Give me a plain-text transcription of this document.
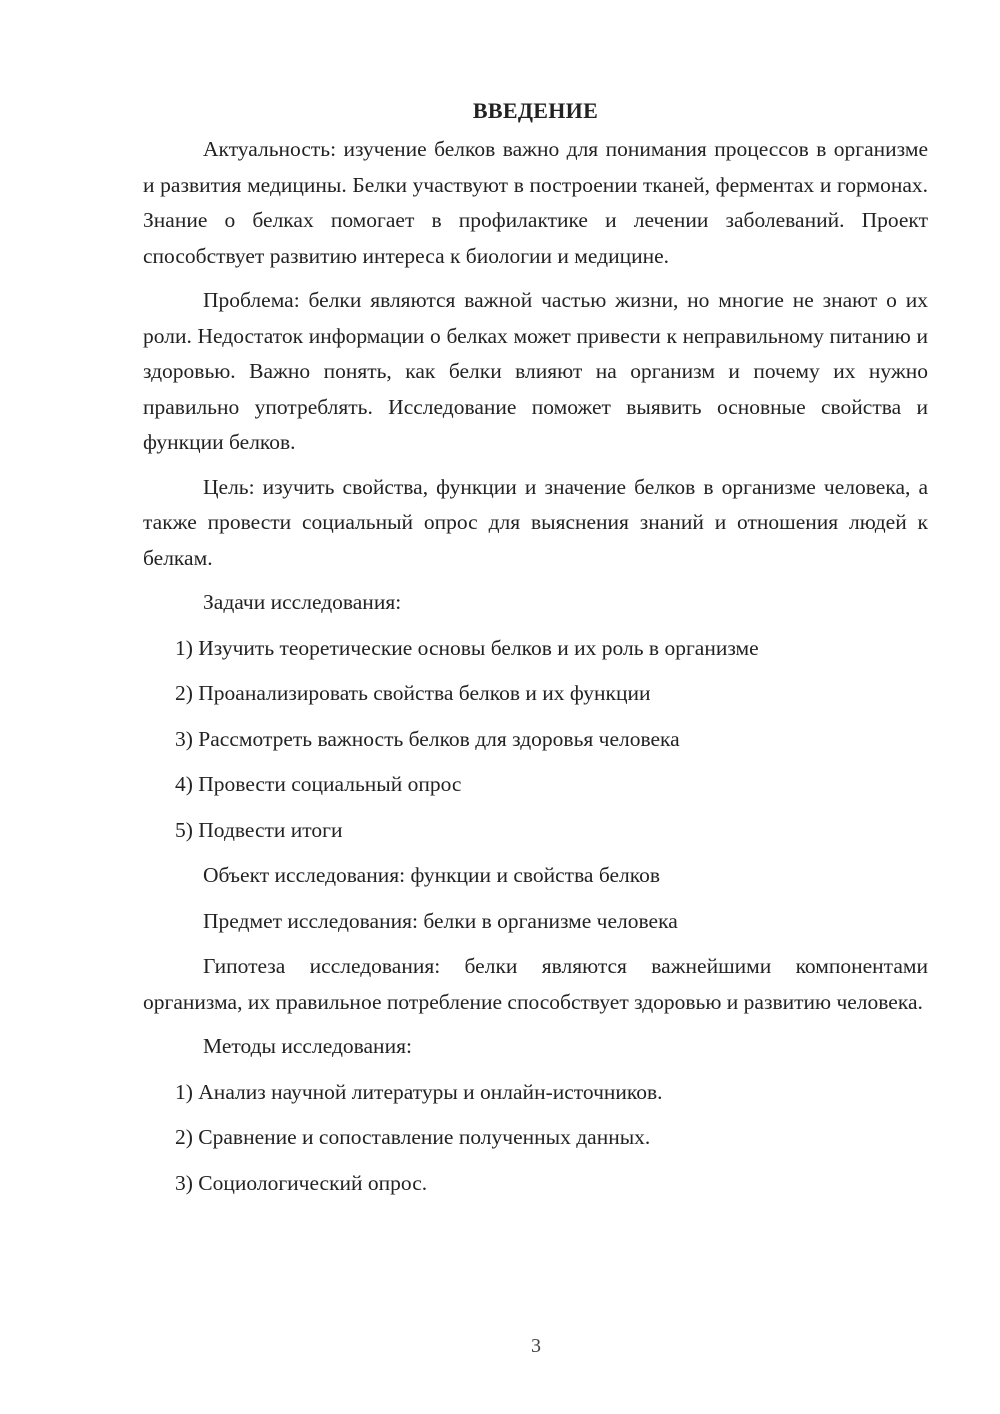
ВВЕДЕНИЕ

Актуальность: изучение белков важно для понимания процессов в организме и развития медицины. Белки участвуют в построении тканей, ферментах и гормонах. Знание о белках помогает в профилактике и лечении заболеваний. Проект способствует развитию интереса к биологии и медицине.

Проблема: белки являются важной частью жизни, но многие не знают о их роли. Недостаток информации о белках может привести к неправильному питанию и здоровью. Важно понять, как белки влияют на организм и почему их нужно правильно употреблять. Исследование поможет выявить основные свойства и функции белков.

Цель: изучить свойства, функции и значение белков в организме человека, а также провести социальный опрос для выяснения знаний и отношения людей к белкам.

Задачи исследования:
1) Изучить теоретические основы белков и их роль в организме
2) Проанализировать свойства белков и их функции
3) Рассмотреть важность белков для здоровья человека
4) Провести социальный опрос
5) Подвести итоги
Объект исследования: функции и свойства белков
Предмет исследования: белки в организме человека

Гипотеза исследования: белки являются важнейшими компонентами организма, их правильное потребление способствует здоровью и развитию человека.

Методы исследования:
1) Анализ научной литературы и онлайн-источников.
2) Сравнение и сопоставление полученных данных.
3) Социологический опрос.
3
